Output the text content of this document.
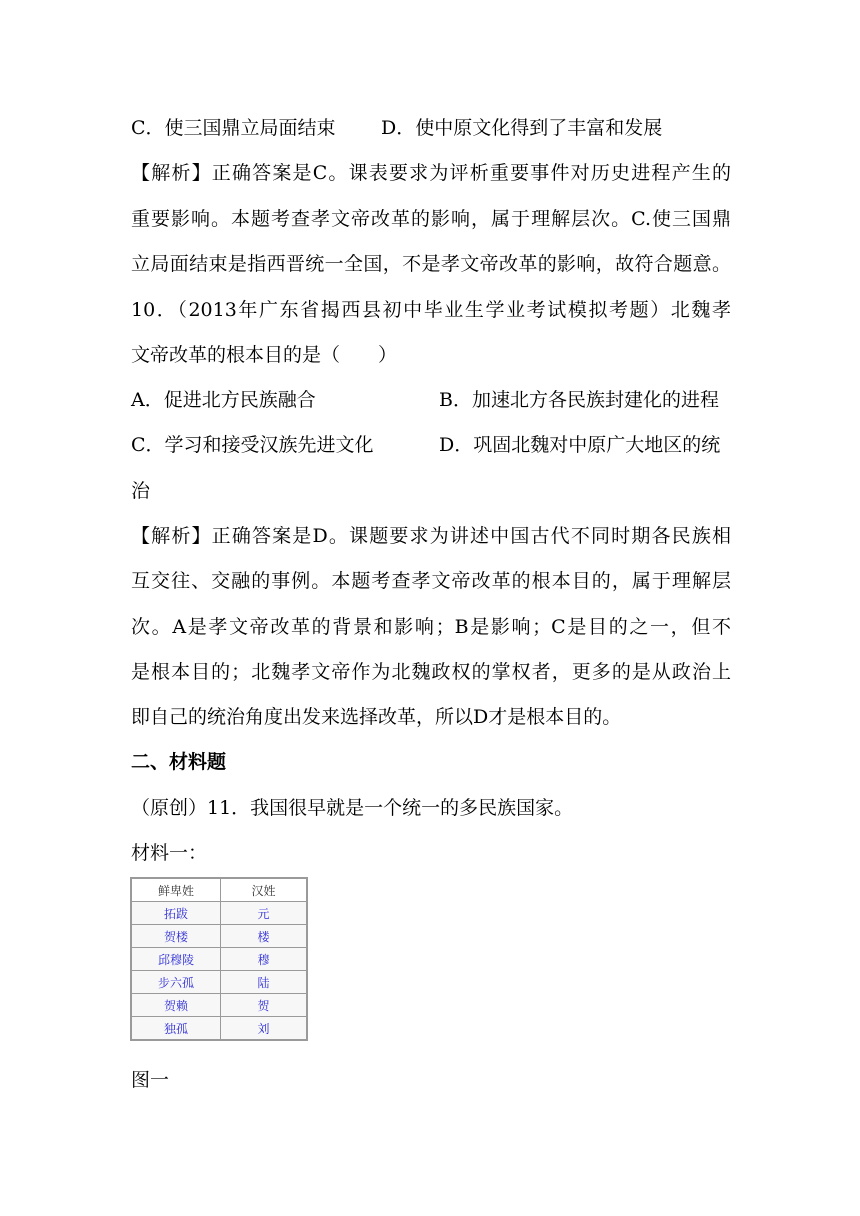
C．使三国鼎立局面结束 D．使中原文化得到了丰富和发展
【解析】正确答案是C。课表要求为评析重要事件对历史进程产生的
重要影响。本题考查孝文帝改革的影响，属于理解层次。C.使三国鼎
立局面结束是指西晋统一全国，不是孝文帝改革的影响，故符合题意。
10．（2013年广东省揭西县初中毕业生学业考试模拟考题）北魏孝
文帝改革的根本目的是（　　）
A．促进北方民族融合	B．加速北方各民族封建化的进程
C．学习和接受汉族先进文化	D．巩固北魏对中原广大地区的统
治
【解析】正确答案是D。课题要求为讲述中国古代不同时期各民族相
互交往、交融的事例。本题考查孝文帝改革的根本目的，属于理解层
次。A是孝文帝改革的背景和影响；B是影响；C是目的之一，但不
是根本目的；北魏孝文帝作为北魏政权的掌权者，更多的是从政治上
即自己的统治角度出发来选择改革，所以D才是根本目的。
二、材料题
（原创）11．我国很早就是一个统一的多民族国家。
材料一：
鲜卑姓	汉姓
拓跋	元
贺楼	楼
邱穆陵	穆
步六孤	陆
贺赖	贺
独孤	刘
图一
